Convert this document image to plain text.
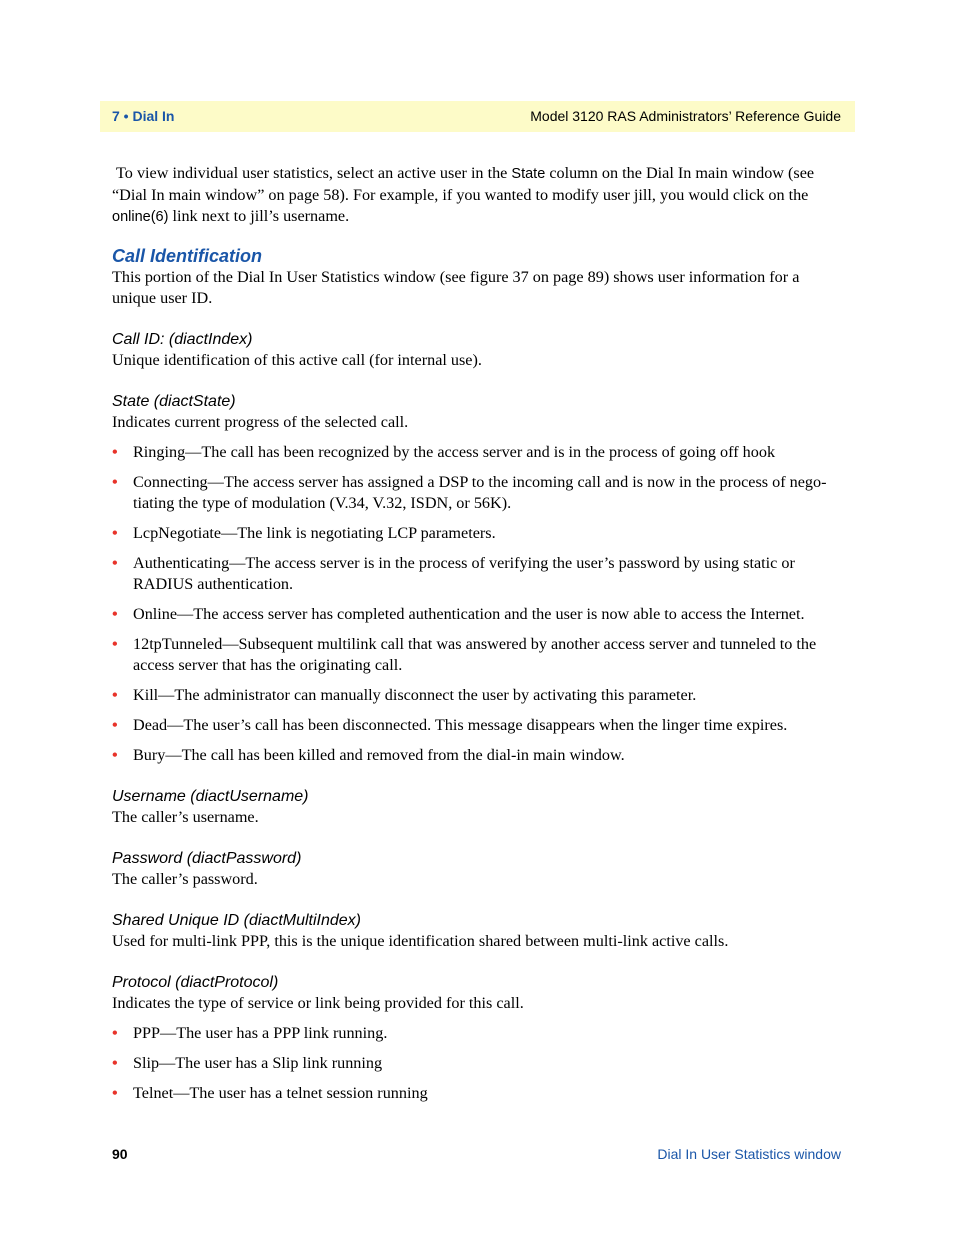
7 • Dial In	Model 3120 RAS Administrators’ Reference Guide

To view individual user statistics, select an active user in the State column on the Dial In main window (see “Dial In main window” on page 58). For example, if you wanted to modify user jill, you would click on the online(6) link next to jill’s username.

Call Identification

This portion of the Dial In User Statistics window (see figure 37 on page 89) shows user information for a unique user ID.

Call ID: (diactIndex)

Unique identification of this active call (for internal use).

State (diactState)

Indicates current progress of the selected call.

• Ringing—The call has been recognized by the access server and is in the process of going off hook
• Connecting—The access server has assigned a DSP to the incoming call and is now in the process of nego-tiating the type of modulation (V.34, V.32, ISDN, or 56K).
• LcpNegotiate—The link is negotiating LCP parameters.
• Authenticating—The access server is in the process of verifying the user’s password by using static or RADIUS authentication.
• Online—The access server has completed authentication and the user is now able to access the Internet.
• 12tpTunneled—Subsequent multilink call that was answered by another access server and tunneled to the access server that has the originating call.
• Kill—The administrator can manually disconnect the user by activating this parameter.
• Dead—The user’s call has been disconnected. This message disappears when the linger time expires.
• Bury—The call has been killed and removed from the dial-in main window.
Username (diactUsername)

The caller’s username.

Password (diactPassword)

The caller’s password.

Shared Unique ID (diactMultiIndex)

Used for multi-link PPP, this is the unique identification shared between multi-link active calls.

Protocol (diactProtocol)

Indicates the type of service or link being provided for this call.

• PPP—The user has a PPP link running.
• Slip—The user has a Slip link running
• Telnet—The user has a telnet session running
90	Dial In User Statistics window
